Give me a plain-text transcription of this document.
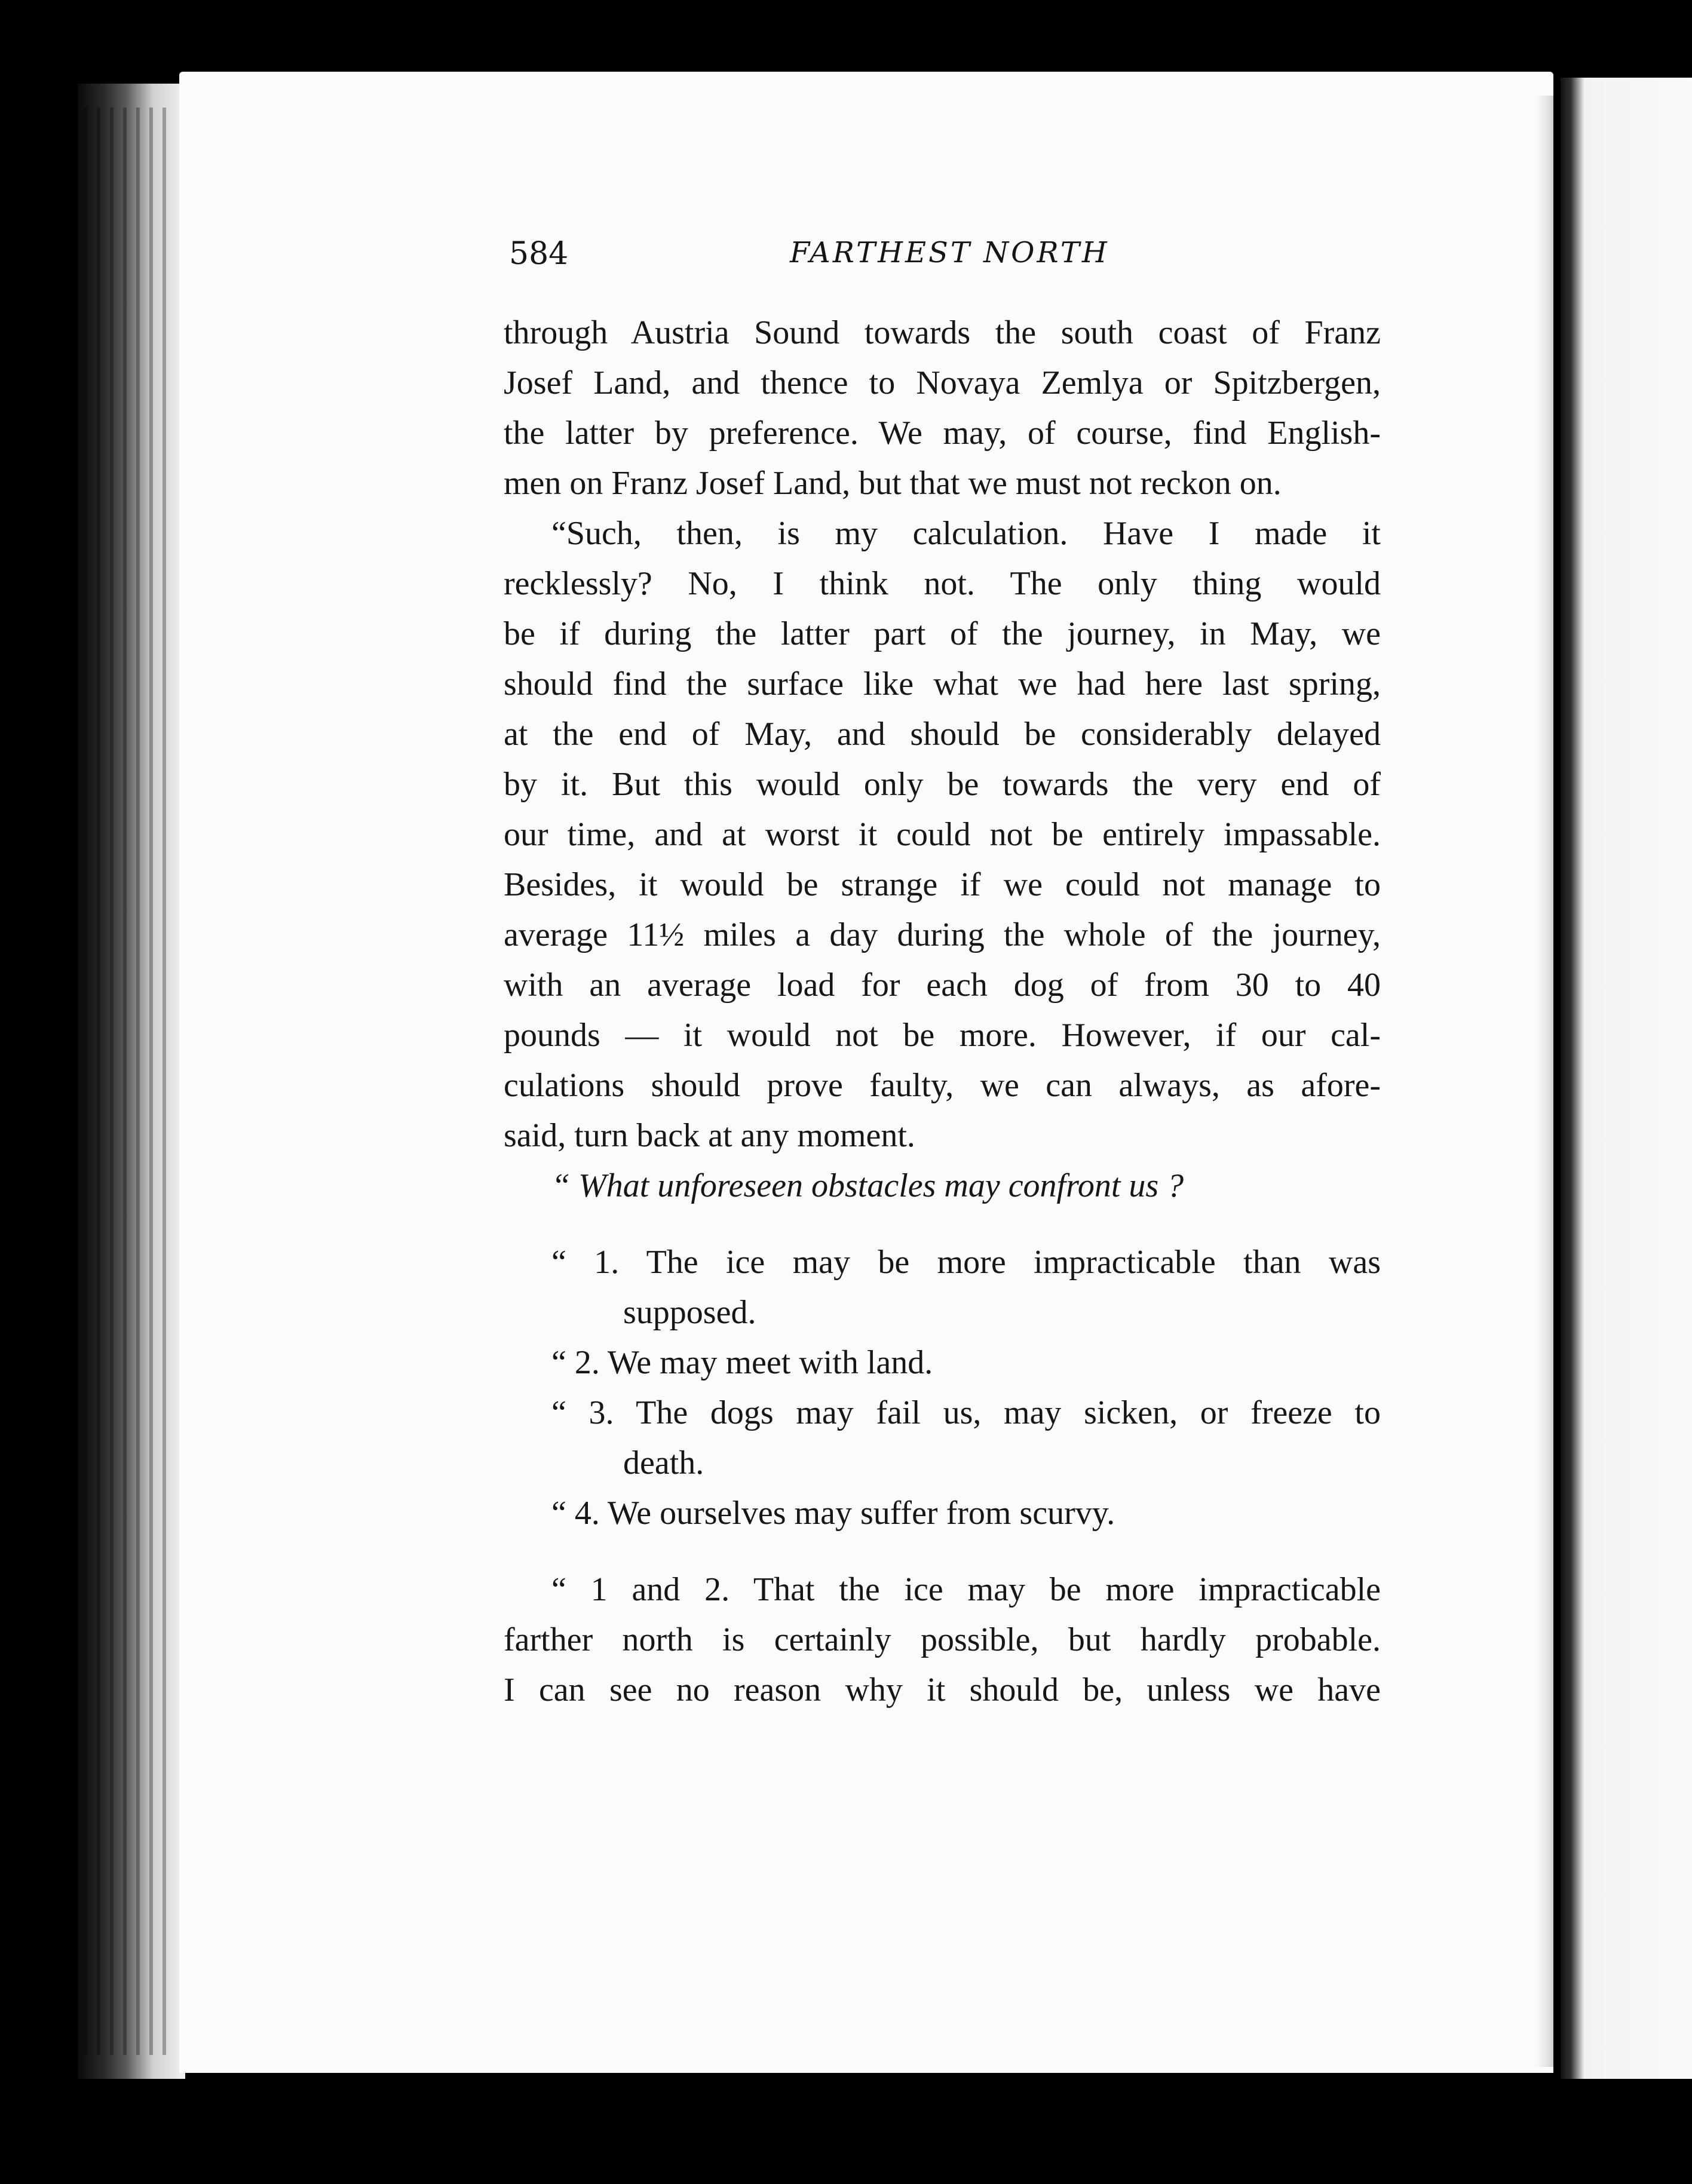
584	FARTHEST NORTH
through Austria Sound towards the south coast of Franz
Josef Land, and thence to Novaya Zemlya or Spitzbergen,
the latter by preference. We may, of course, find English-
men on Franz Josef Land, but that we must not reckon on.
“Such, then, is my calculation. Have I made it
recklessly? No, I think not. The only thing would
be if during the latter part of the journey, in May, we
should find the surface like what we had here last spring,
at the end of May, and should be considerably delayed
by it. But this would only be towards the very end of
our time, and at worst it could not be entirely impassable.
Besides, it would be strange if we could not manage to
average 11½ miles a day during the whole of the journey,
with an average load for each dog of from 30 to 40
pounds — it would not be more. However, if our cal-
culations should prove faulty, we can always, as afore-
said, turn back at any moment.
“ What unforeseen obstacles may confront us ?
“ 1. The ice may be more impracticable than was
supposed.
“ 2. We may meet with land.
“ 3. The dogs may fail us, may sicken, or freeze to
death.
“ 4. We ourselves may suffer from scurvy.
“ 1 and 2. That the ice may be more impracticable
farther north is certainly possible, but hardly probable.
I can see no reason why it should be, unless we have
